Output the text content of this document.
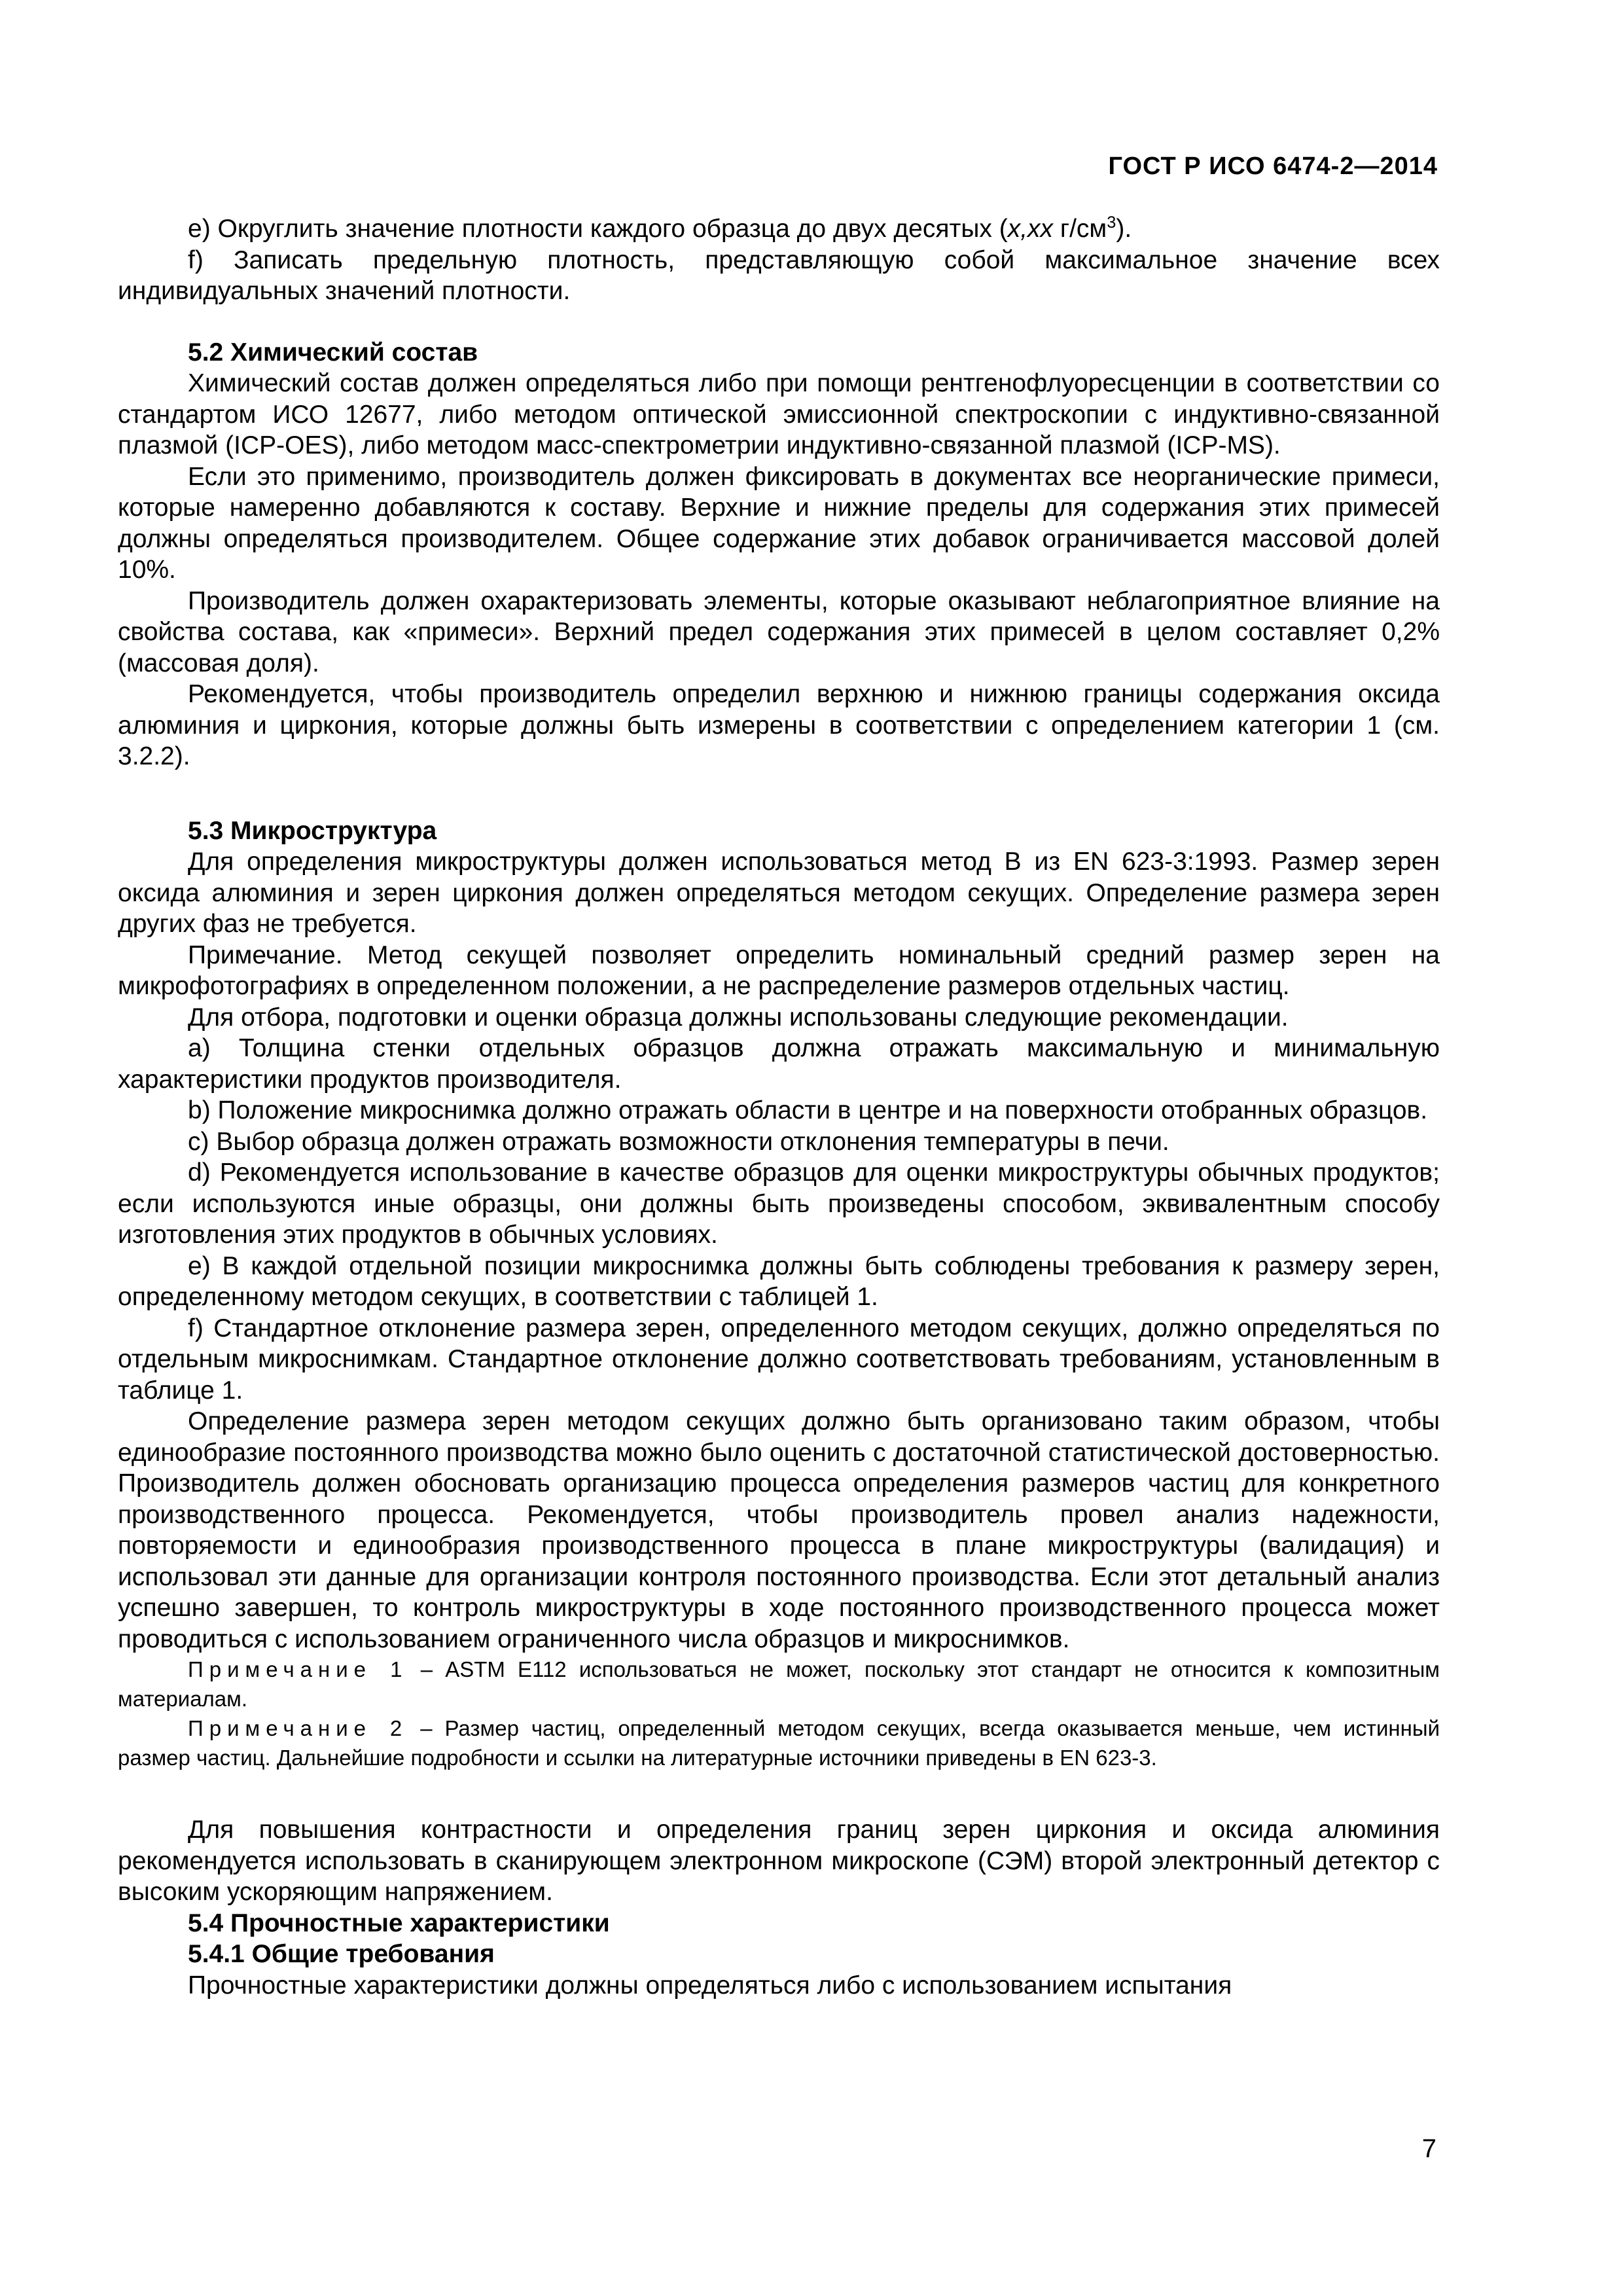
ГОСТ Р ИСО 6474-2—2014

e) Округлить значение плотности каждого образца до двух десятых (х,хх $г/см^3$).

f) Записать предельную плотность, представляющую собой максимальное значение всех индивидуальных значений плотности.

5.2 Химический состав

Химический состав должен определяться либо при помощи рентгенофлуоресценции в соответствии со стандартом ИСО 12677, либо методом оптической эмиссионной спектроскопии с индуктивно-связанной плазмой (ICP-OES), либо методом масс-спектрометрии индуктивно-связанной плазмой (ICP-MS).

Если это применимо, производитель должен фиксировать в документах все неорганические примеси, которые намеренно добавляются к составу. Верхние и нижние пределы для содержания этих примесей должны определяться производителем. Общее содержание этих добавок ограничивается массовой долей 10%.

Производитель должен охарактеризовать элементы, которые оказывают неблагоприятное влияние на свойства состава, как «примеси». Верхний предел содержания этих примесей в целом составляет 0,2% (массовая доля).

Рекомендуется, чтобы производитель определил верхнюю и нижнюю границы содержания оксида алюминия и циркония, которые должны быть измерены в соответствии с определением категории 1 (см. 3.2.2).

5.3 Микроструктура

Для определения микроструктуры должен использоваться метод В из EN 623-3:1993. Размер зерен оксида алюминия и зерен циркония должен определяться методом секущих. Определение размера зерен других фаз не требуется.

Примечание. Метод секущей позволяет определить номинальный средний размер зерен на микрофотографиях в определенном положении, а не распределение размеров отдельных частиц.

Для отбора, подготовки и оценки образца должны использованы следующие рекомендации.

a) Толщина стенки отдельных образцов должна отражать максимальную и минимальную характеристики продуктов производителя.

b) Положение микроснимка должно отражать области в центре и на поверхности отобранных образцов.

c) Выбор образца должен отражать возможности отклонения температуры в печи.

d) Рекомендуется использование в качестве образцов для оценки микроструктуры обычных продуктов; если используются иные образцы, они должны быть произведены способом, эквивалентным способу изготовления этих продуктов в обычных условиях.

e) В каждой отдельной позиции микроснимка должны быть соблюдены требования к размеру зерен, определенному методом секущих, в соответствии с таблицей 1.

f) Стандартное отклонение размера зерен, определенного методом секущих, должно определяться по отдельным микроснимкам. Стандартное отклонение должно соответствовать требованиям, установленным в таблице 1.

Определение размера зерен методом секущих должно быть организовано таким образом, чтобы единообразие постоянного производства можно было оценить с достаточной статистической достоверностью. Производитель должен обосновать организацию процесса определения размеров частиц для конкретного производственного процесса. Рекомендуется, чтобы производитель провел анализ надежности, повторяемости и единообразия производственного процесса в плане микроструктуры (валидация) и использовал эти данные для организации контроля постоянного производства. Если этот детальный анализ успешно завершен, то контроль микроструктуры в ходе постоянного производственного процесса может проводиться с использованием ограниченного числа образцов и микроснимков.

Примечание 1 – ASTM E112 использоваться не может, поскольку этот стандарт не относится к композитным материалам.

Примечание 2 – Размер частиц, определенный методом секущих, всегда оказывается меньше, чем истинный размер частиц. Дальнейшие подробности и ссылки на литературные источники приведены в EN 623-3.

Для повышения контрастности и определения границ зерен циркония и оксида алюминия рекомендуется использовать в сканирующем электронном микроскопе (СЭМ) второй электронный детектор с высоким ускоряющим напряжением.

5.4 Прочностные характеристики
5.4.1 Общие требования

Прочностные характеристики должны определяться либо с использованием испытания

7
